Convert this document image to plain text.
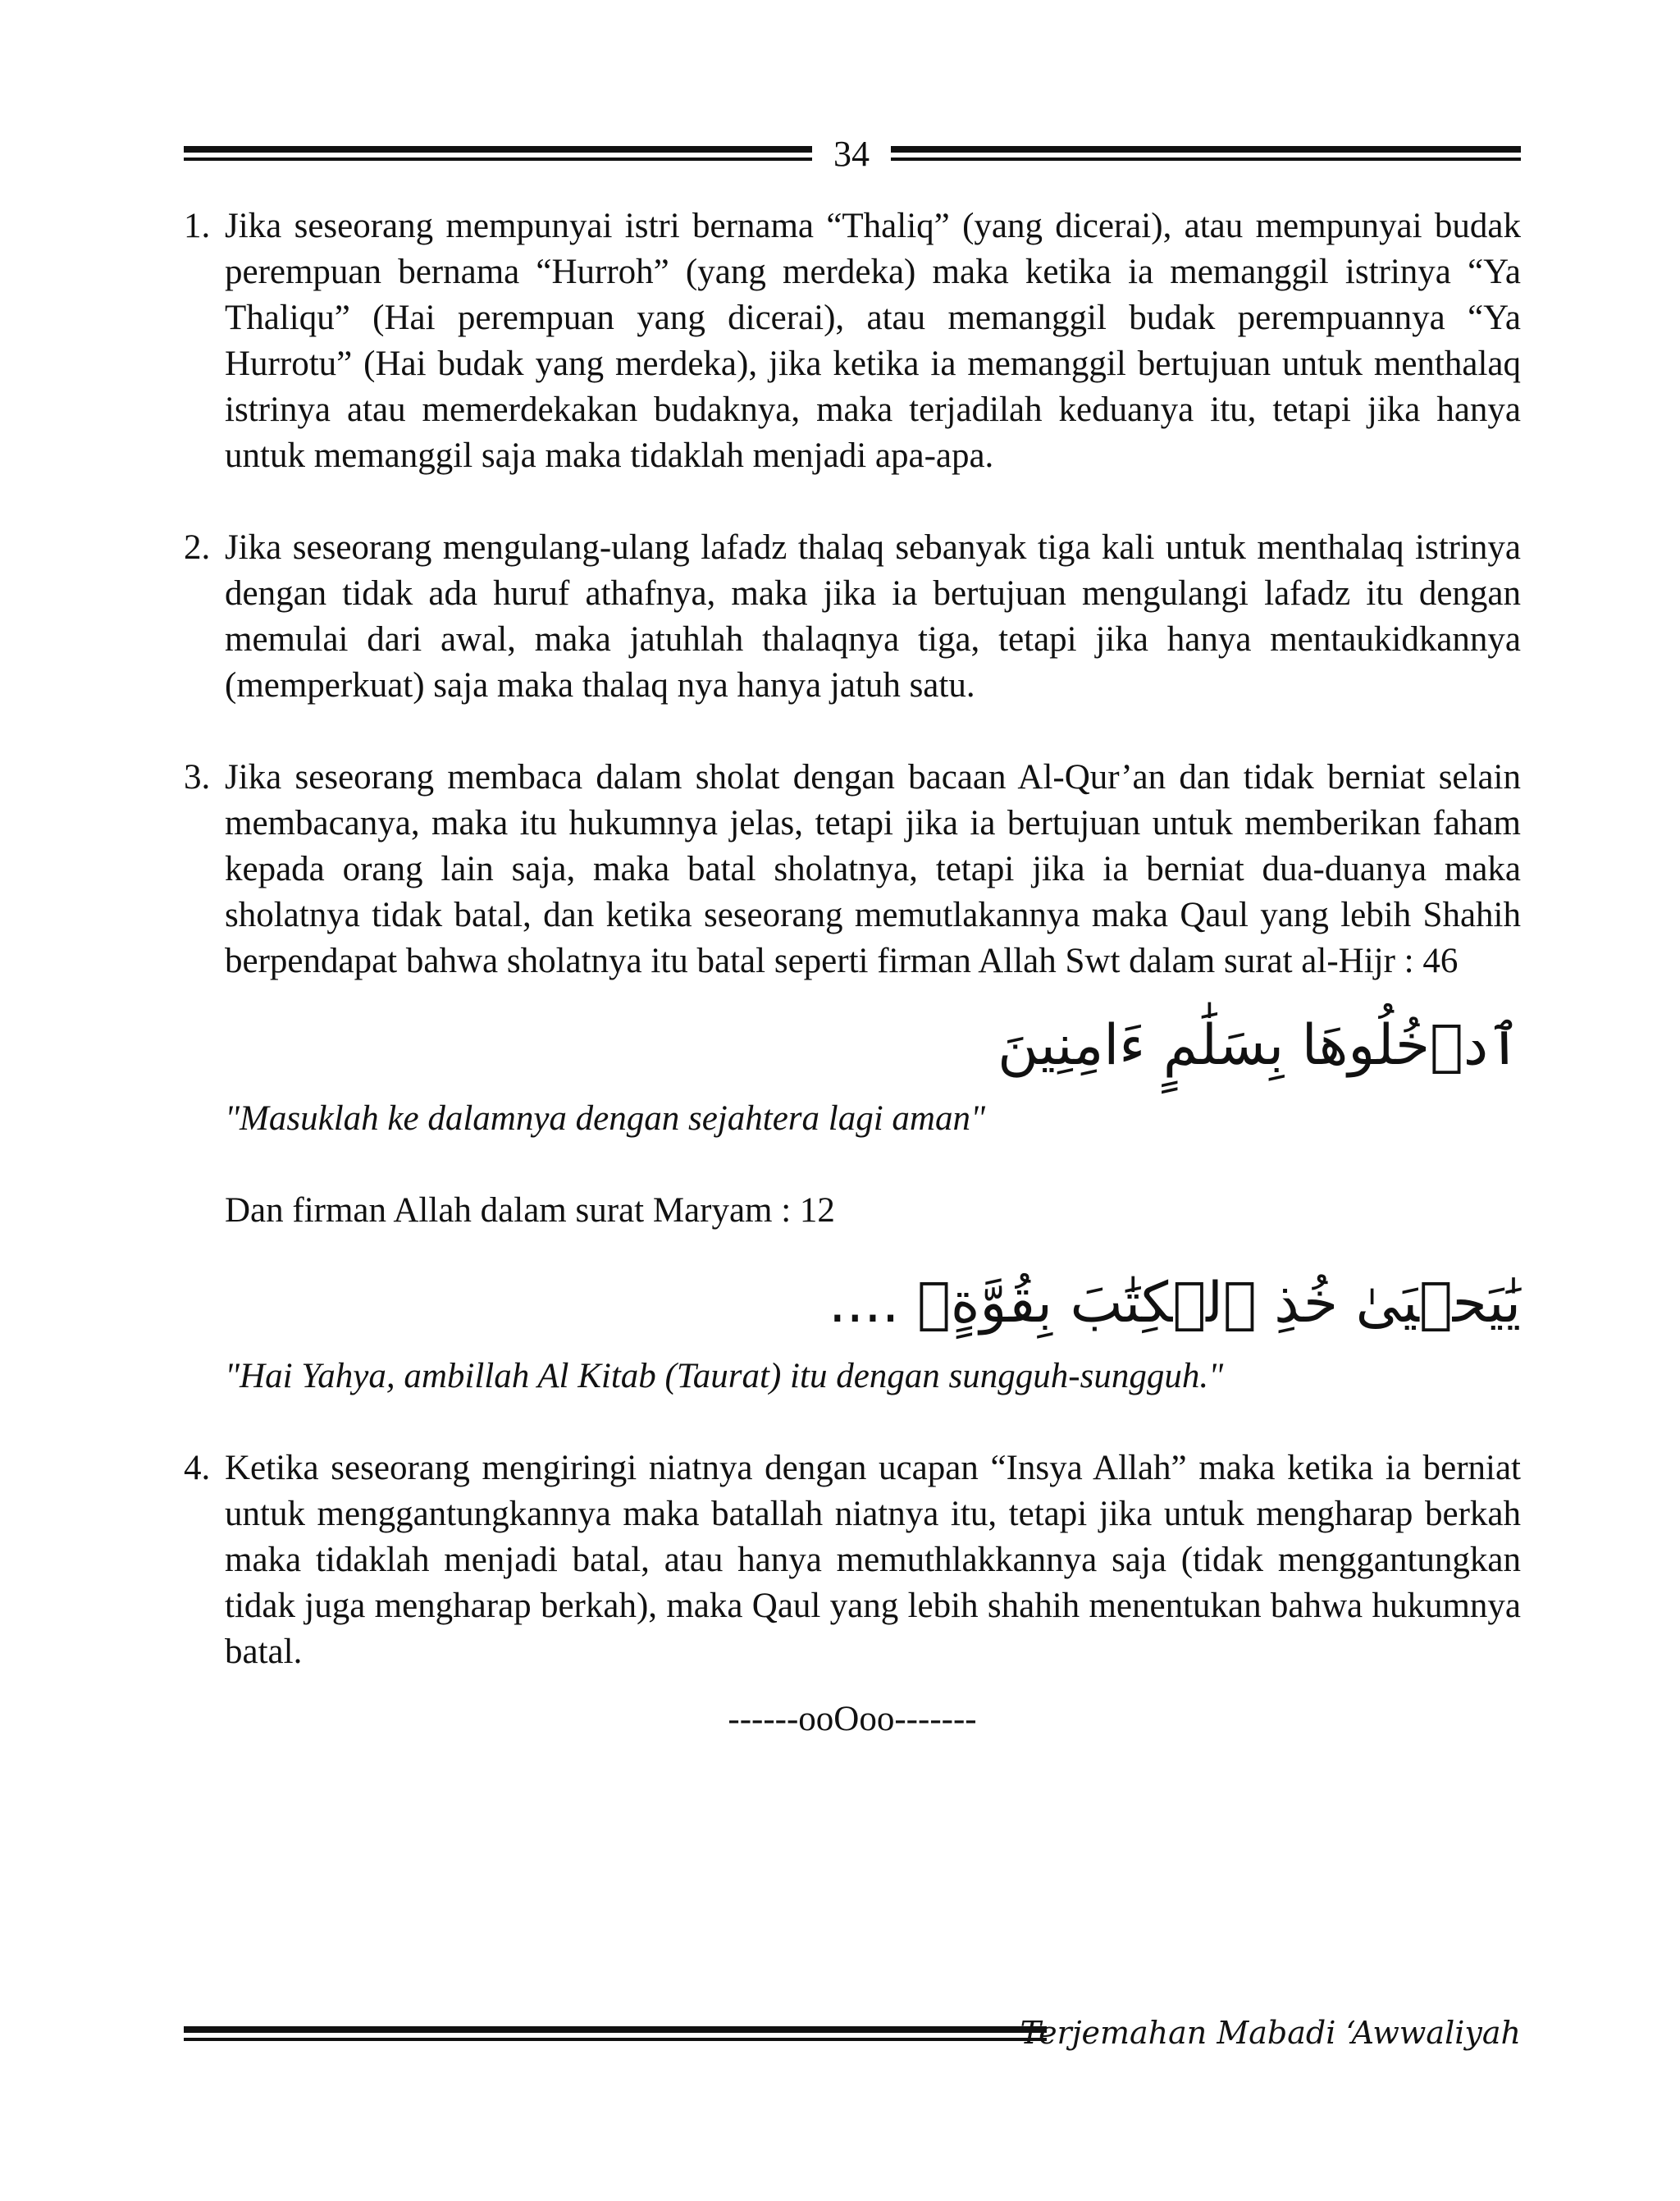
34
1. Jika seseorang mempunyai istri bernama “Thaliq” (yang dicerai), atau mempunyai budak perempuan bernama “Hurroh” (yang merdeka) maka ketika ia memanggil istrinya “Ya Thaliqu” (Hai perempuan yang dicerai), atau memanggil budak perempuannya “Ya Hurrotu” (Hai budak yang merdeka), jika ketika ia memanggil bertujuan untuk menthalaq istrinya atau memerdekakan budaknya, maka terjadilah keduanya itu, tetapi jika hanya untuk memanggil saja maka tidaklah menjadi apa-apa.
2. Jika seseorang mengulang-ulang lafadz thalaq sebanyak tiga kali untuk menthalaq istrinya dengan tidak ada huruf athafnya, maka jika ia bertujuan mengulangi lafadz itu dengan memulai dari awal, maka jatuhlah thalaqnya tiga, tetapi jika hanya mentaukidkannya (memperkuat) saja maka thalaq nya hanya jatuh satu.
3. Jika seseorang membaca dalam sholat dengan bacaan Al-Qur’an dan tidak berniat selain membacanya, maka itu hukumnya jelas, tetapi jika ia bertujuan untuk memberikan faham kepada orang lain saja, maka batal sholatnya, tetapi jika ia berniat dua-duanya maka sholatnya tidak batal, dan ketika seseorang memutlakannya maka Qaul yang lebih Shahih berpendapat bahwa sholatnya itu batal seperti firman Allah Swt dalam surat al-Hijr : 46
ٱدۡخُلُوهَا بِسَلَٰمٍ ءَامِنِينَ
"Masuklah ke dalamnya dengan sejahtera lagi aman"
Dan firman Allah dalam surat Maryam : 12
يَٰيَحۡيَىٰ خُذِ ٱلۡكِتَٰبَ بِقُوَّةٍۖ ....
"Hai Yahya, ambillah Al Kitab (Taurat) itu dengan sungguh-sungguh."
4. Ketika seseorang mengiringi niatnya dengan ucapan “Insya Allah” maka ketika ia berniat untuk menggantungkannya maka batallah niatnya itu, tetapi jika untuk mengharap berkah maka tidaklah menjadi batal, atau hanya memuthlakkannya saja (tidak menggantungkan tidak juga mengharap berkah), maka Qaul yang lebih shahih menentukan bahwa hukumnya batal.
------ooOoo-------
Terjemahan Mabadi ‘Awwaliyah
